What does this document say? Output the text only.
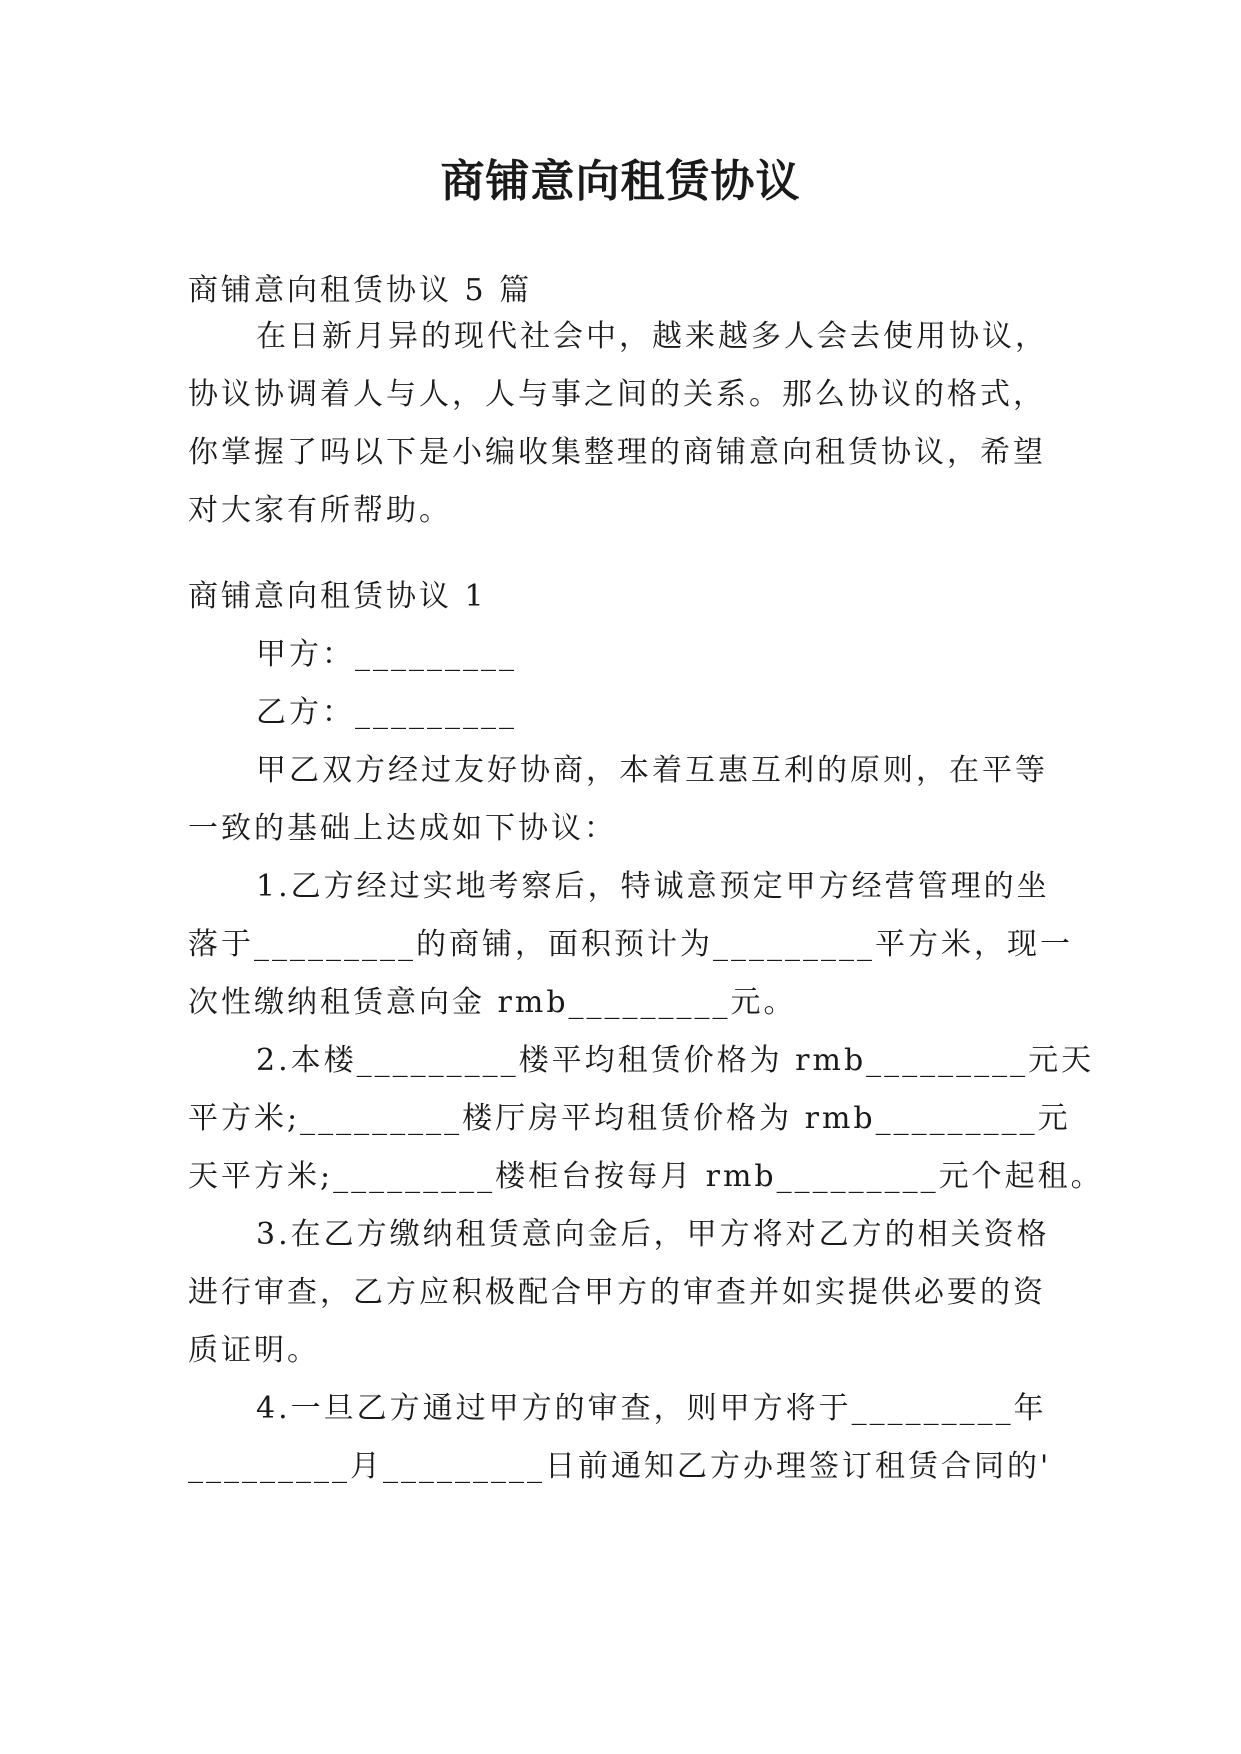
商铺意向租赁协议
商铺意向租赁协议 5 篇
在日新月异的现代社会中，越来越多人会去使用协议，
协议协调着人与人，人与事之间的关系。那么协议的格式，
你掌握了吗以下是小编收集整理的商铺意向租赁协议，希望
对大家有所帮助。
商铺意向租赁协议 1
甲方：_________
乙方：_________
甲乙双方经过友好协商，本着互惠互利的原则，在平等
一致的基础上达成如下协议：
1.乙方经过实地考察后，特诚意预定甲方经营管理的坐
落于_________的商铺，面积预计为_________平方米，现一
次性缴纳租赁意向金 rmb_________元。
2.本楼_________楼平均租赁价格为 rmb_________元天
平方米;_________楼厅房平均租赁价格为 rmb_________元
天平方米;_________楼柜台按每月 rmb_________元个起租。
3.在乙方缴纳租赁意向金后，甲方将对乙方的相关资格
进行审查，乙方应积极配合甲方的审查并如实提供必要的资
质证明。
4.一旦乙方通过甲方的审查，则甲方将于_________年
_________月_________日前通知乙方办理签订租赁合同的'
